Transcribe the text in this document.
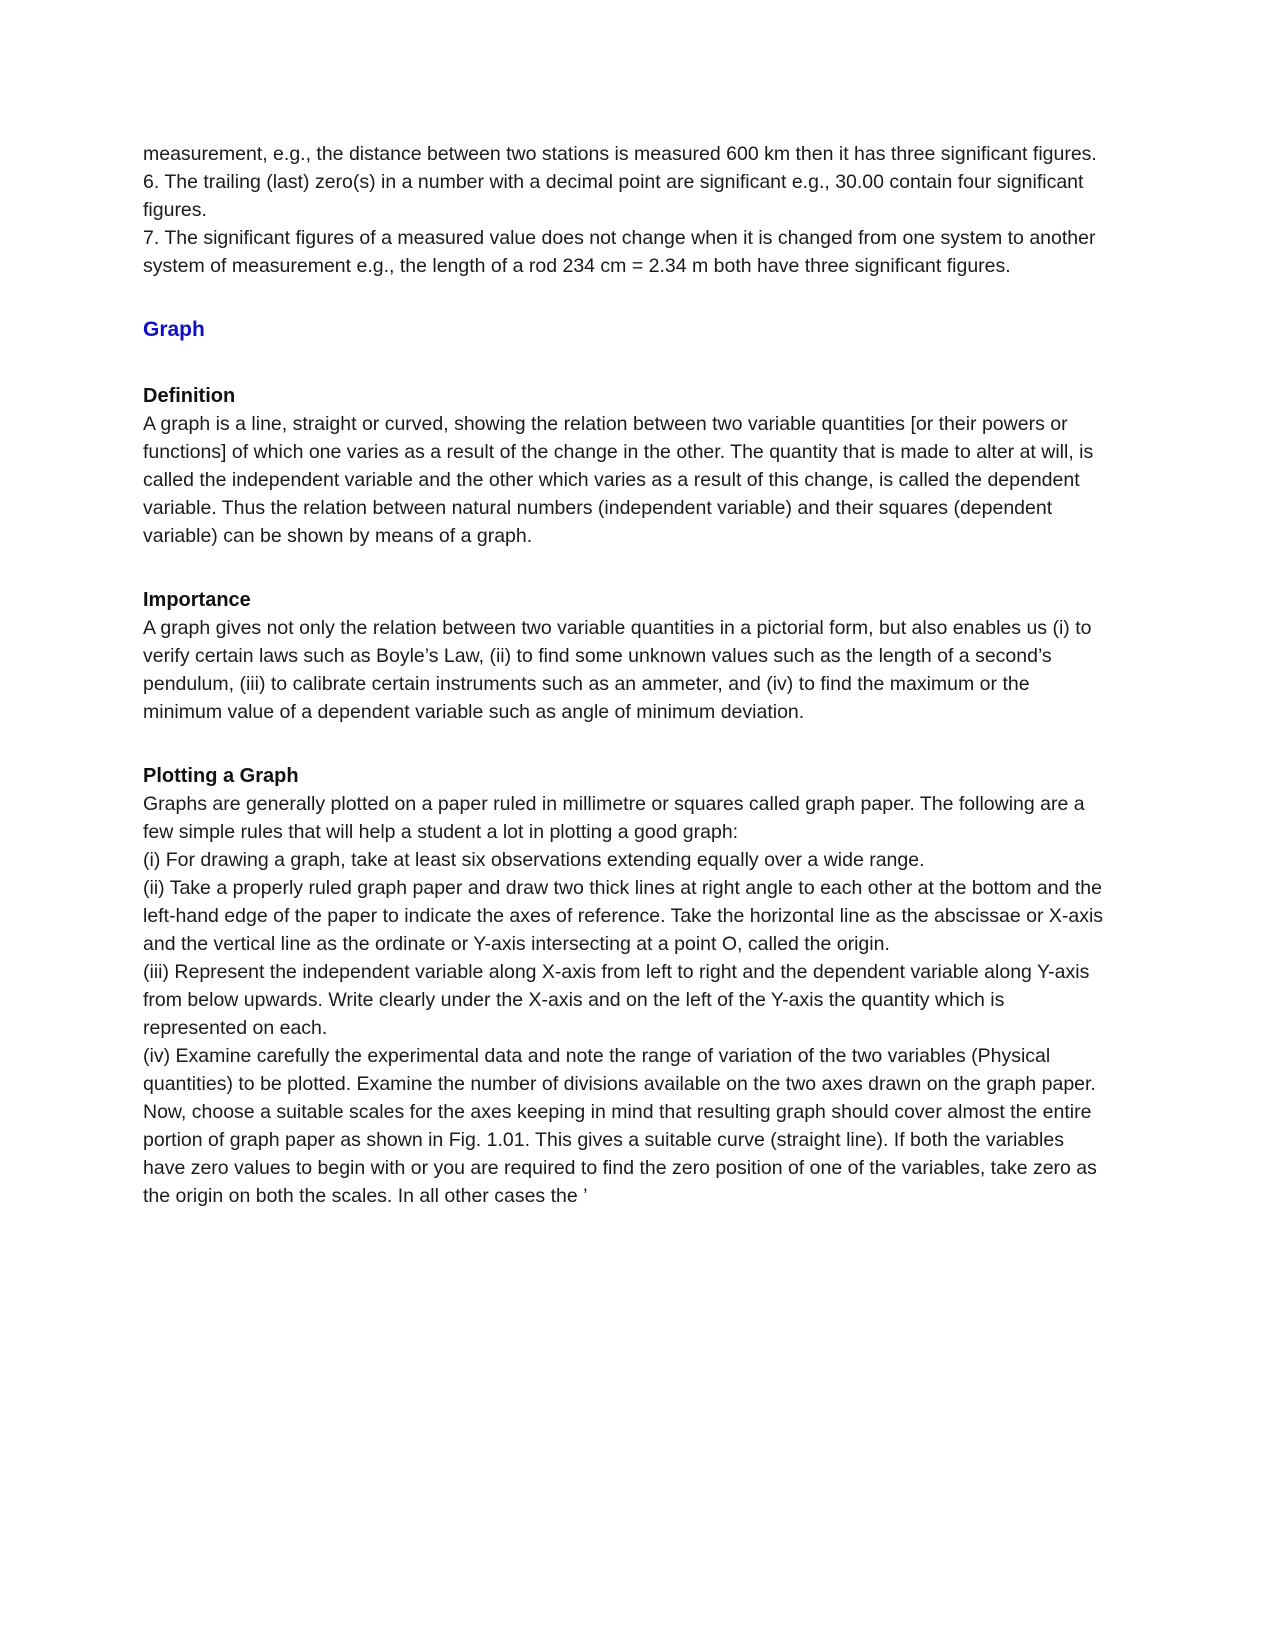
measurement, e.g., the distance between two stations is measured 600 km then it has three significant figures.

6. The trailing (last) zero(s) in a number with a decimal point are significant e.g., 30.00 contain four significant figures.

7. The significant figures of a measured value does not change when it is changed from one system to another system of measurement e.g., the length of a rod 234 cm = 2.34 m both have three significant figures.

Graph
Definition

A graph is a line, straight or curved, showing the relation between two variable quantities [or their powers or functions] of which one varies as a result of the change in the other. The quantity that is made to alter at will, is called the independent variable and the other which varies as a result of this change, is called the dependent variable. Thus the relation between natural numbers (independent variable) and their squares (dependent variable) can be shown by means of a graph.

Importance

A graph gives not only the relation between two variable quantities in a pictorial form, but also enables us (i) to verify certain laws such as Boyle’s Law, (ii) to find some unknown values such as the length of a second’s pendulum, (iii) to calibrate certain instruments such as an ammeter, and (iv) to find the maximum or the minimum value of a dependent variable such as angle of minimum deviation.

Plotting a Graph

Graphs are generally plotted on a paper ruled in millimetre or squares called graph paper. The following are a few simple rules that will help a student a lot in plotting a good graph:

(i) For drawing a graph, take at least six observations extending equally over a wide range.

(ii) Take a properly ruled graph paper and draw two thick lines at right angle to each other at the bottom and the left-hand edge of the paper to indicate the axes of reference. Take the horizontal line as the abscissae or X-axis and the vertical line as the ordinate or Y-axis intersecting at a point O, called the origin.

(iii) Represent the independent variable along X-axis from left to right and the dependent variable along Y-axis from below upwards. Write clearly under the X-axis and on the left of the Y-axis the quantity which is represented on each.

(iv) Examine carefully the experimental data and note the range of variation of the two variables (Physical quantities) to be plotted. Examine the number of divisions available on the two axes drawn on the graph paper. Now, choose a suitable scales for the axes keeping in mind that resulting graph should cover almost the entire portion of graph paper as shown in Fig. 1.01. This gives a suitable curve (straight line). If both the variables have zero values to begin with or you are required to find the zero position of one of the variables, take zero as the origin on both the scales. In all other cases the ’
